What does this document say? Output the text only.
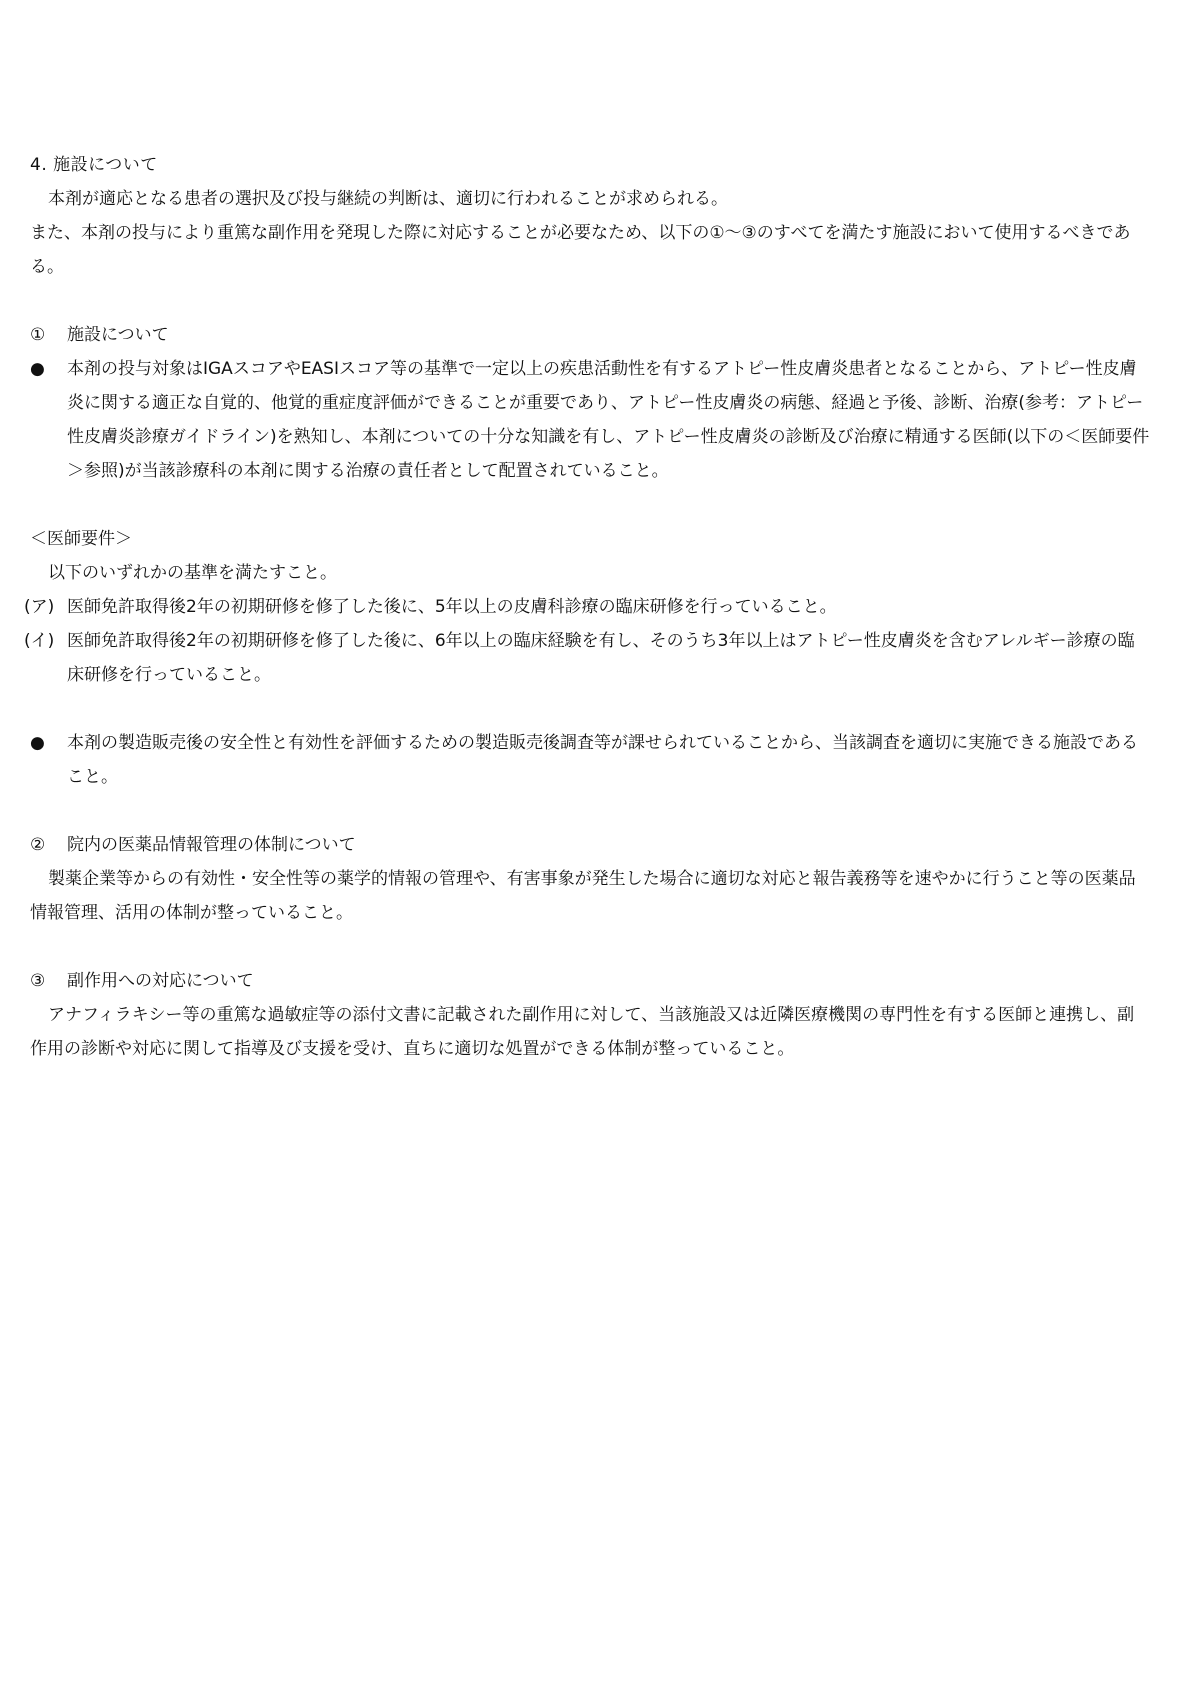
4. 施設について

本剤が適応となる患者の選択及び投与継続の判断は、適切に行われることが求められる。

また、本剤の投与により重篤な副作用を発現した際に対応することが必要なため、以下の①～③のすべてを満たす施設において使用するべきである。

① 施設について

● 本剤の投与対象はIGAスコアやEASIスコア等の基準で一定以上の疾患活動性を有するアトピー性皮膚炎患者となることから、アトピー性皮膚炎に関する適正な自覚的、他覚的重症度評価ができることが重要であり、アトピー性皮膚炎の病態、経過と予後、診断、治療(参考：アトピー性皮膚炎診療ガイドライン)を熟知し、本剤についての十分な知識を有し、アトピー性皮膚炎の診断及び治療に精通する医師(以下の＜医師要件＞参照)が当該診療科の本剤に関する治療の責任者として配置されていること。

＜医師要件＞

以下のいずれかの基準を満たすこと。

(ア) 医師免許取得後2年の初期研修を修了した後に、5年以上の皮膚科診療の臨床研修を行っていること。

(イ) 医師免許取得後2年の初期研修を修了した後に、6年以上の臨床経験を有し、そのうち3年以上はアトピー性皮膚炎を含むアレルギー診療の臨床研修を行っていること。

● 本剤の製造販売後の安全性と有効性を評価するための製造販売後調査等が課せられていることから、当該調査を適切に実施できる施設であること。

② 院内の医薬品情報管理の体制について

製薬企業等からの有効性・安全性等の薬学的情報の管理や、有害事象が発生した場合に適切な対応と報告義務等を速やかに行うこと等の医薬品情報管理、活用の体制が整っていること。

③ 副作用への対応について

アナフィラキシー等の重篤な過敏症等の添付文書に記載された副作用に対して、当該施設又は近隣医療機関の専門性を有する医師と連携し、副作用の診断や対応に関して指導及び支援を受け、直ちに適切な処置ができる体制が整っていること。
